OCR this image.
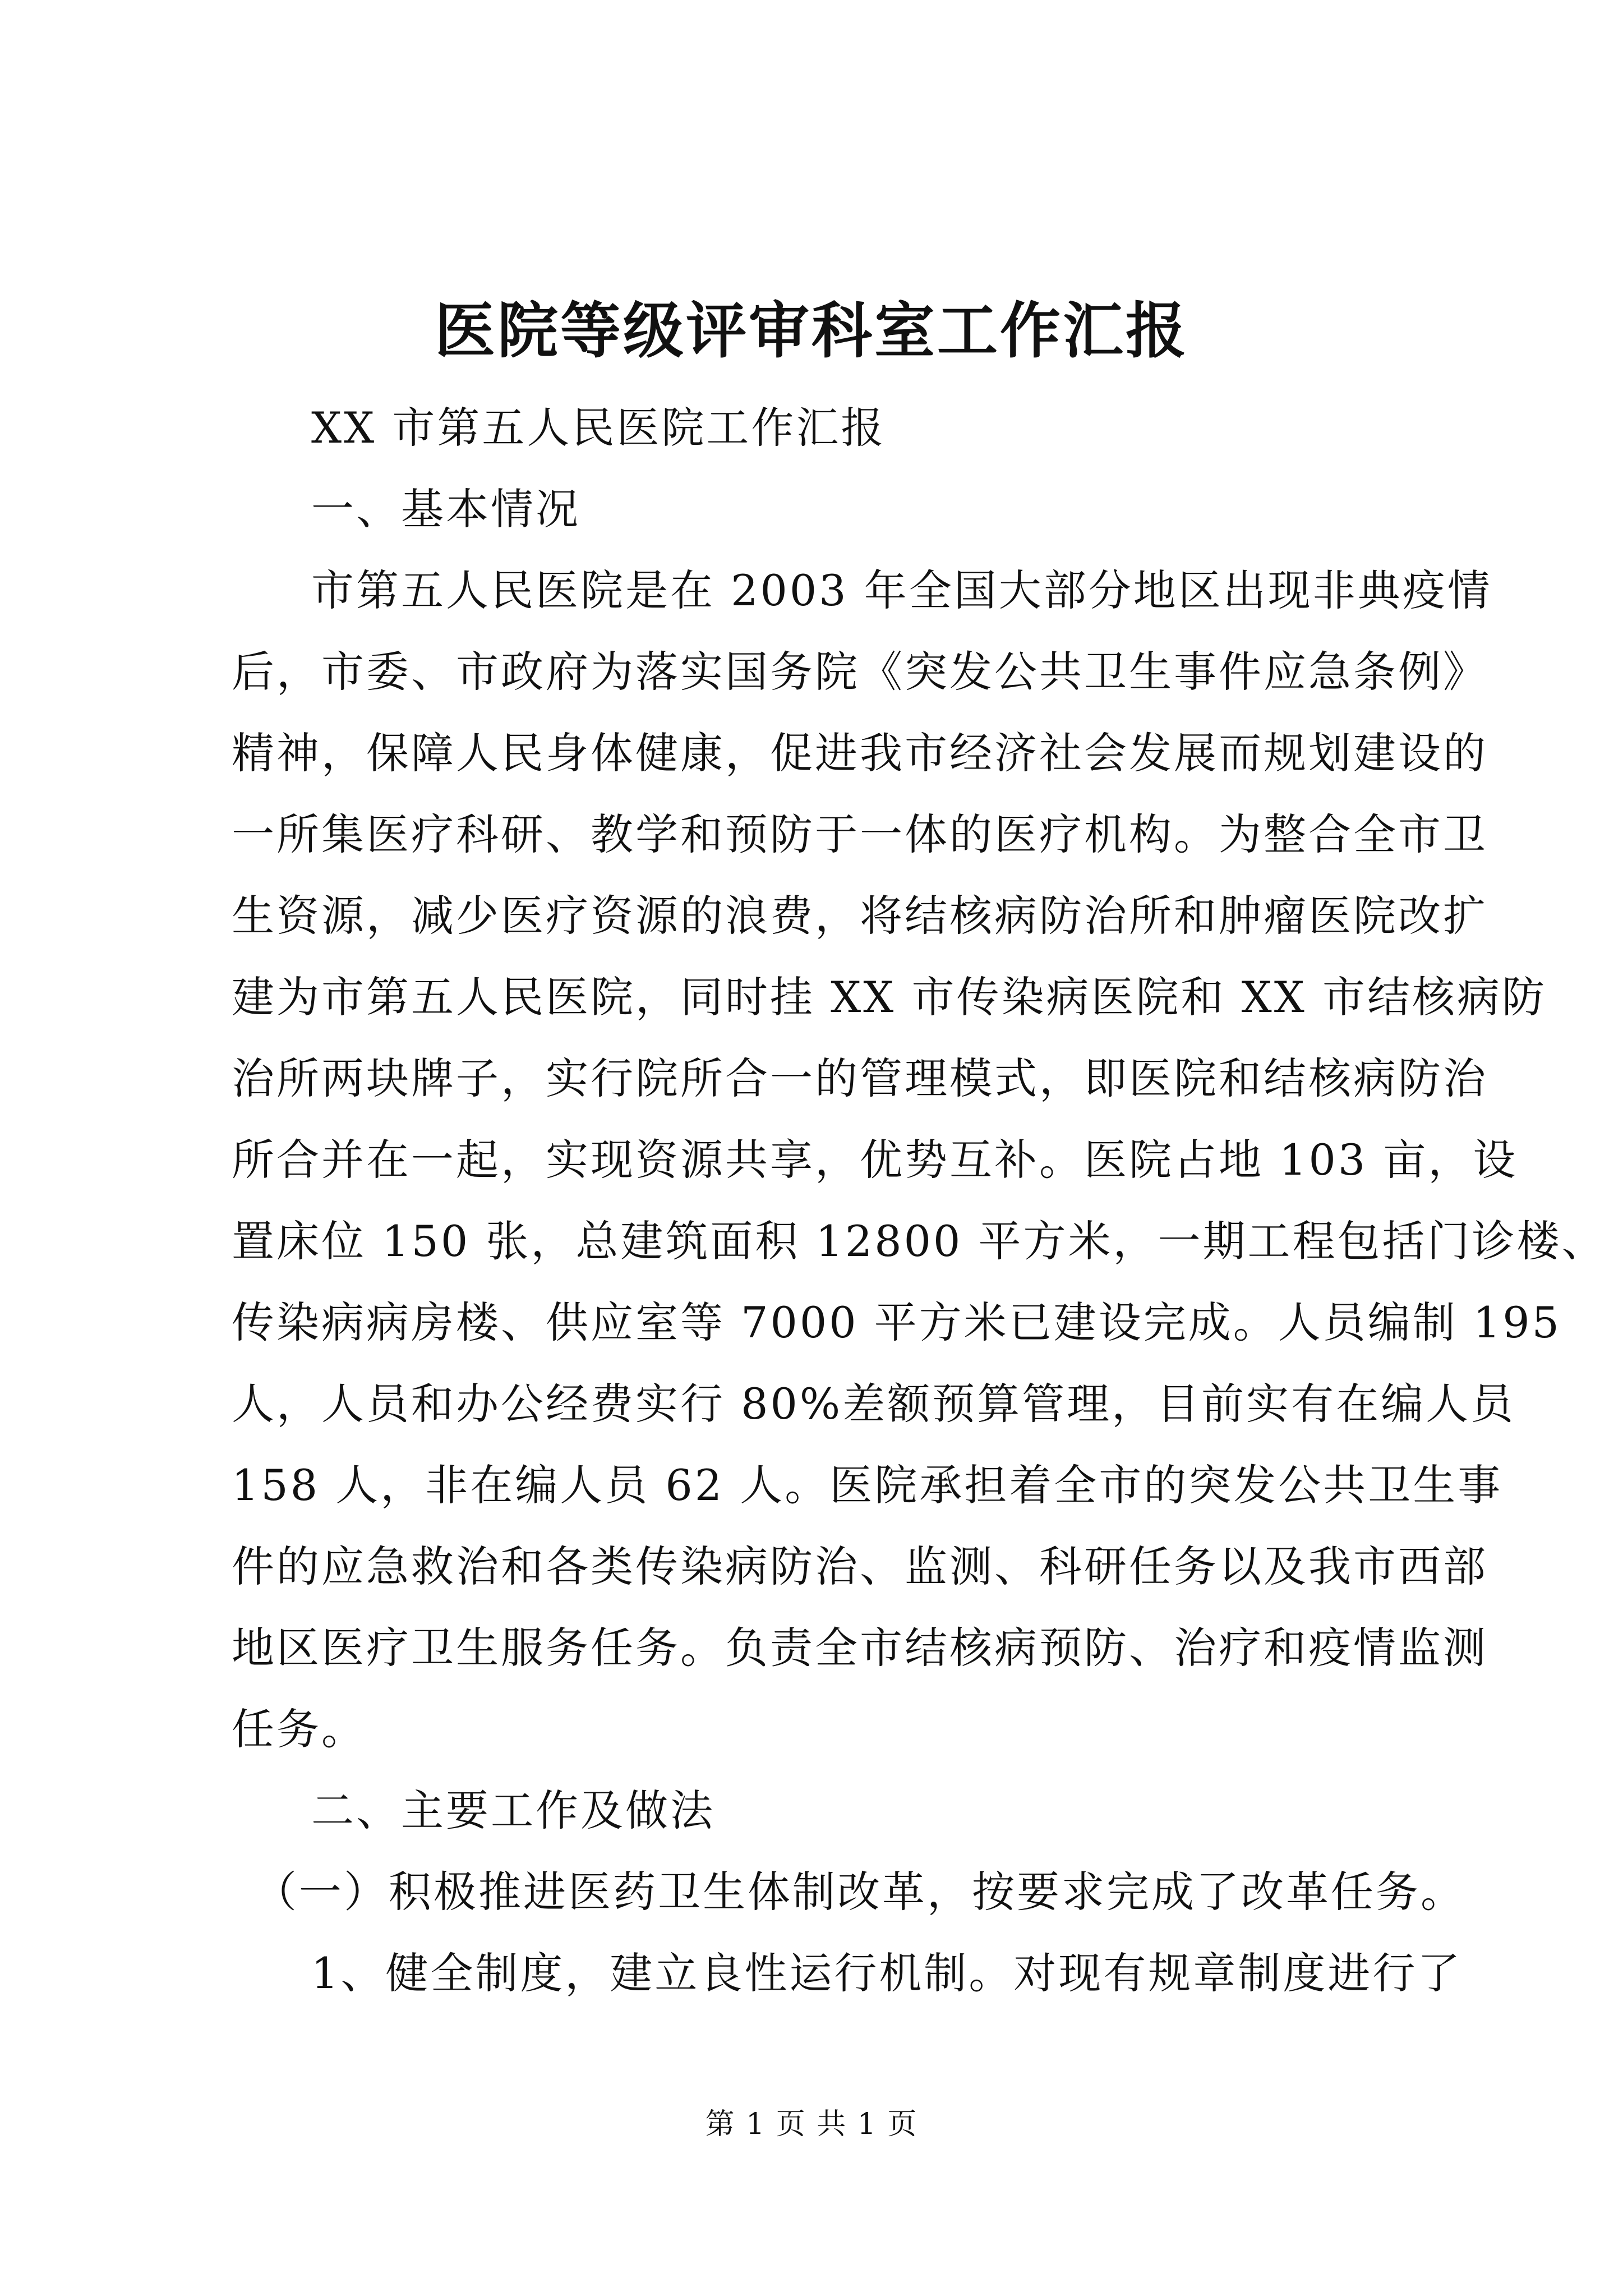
医院等级评审科室工作汇报
XX 市第五人民医院工作汇报
一、基本情况
市第五人民医院是在 2003 年全国大部分地区出现非典疫情
后，市委、市政府为落实国务院《突发公共卫生事件应急条例》
精神，保障人民身体健康，促进我市经济社会发展而规划建设的
一所集医疗科研、教学和预防于一体的医疗机构。为整合全市卫
生资源，减少医疗资源的浪费，将结核病防治所和肿瘤医院改扩
建为市第五人民医院，同时挂 XX 市传染病医院和 XX 市结核病防
治所两块牌子，实行院所合一的管理模式，即医院和结核病防治
所合并在一起，实现资源共享，优势互补。医院占地 103 亩，设
置床位 150 张，总建筑面积 12800 平方米，一期工程包括门诊楼、
传染病病房楼、供应室等 7000 平方米已建设完成。人员编制 195
人，人员和办公经费实行 80%差额预算管理，目前实有在编人员
158 人，非在编人员 62 人。医院承担着全市的突发公共卫生事
件的应急救治和各类传染病防治、监测、科研任务以及我市西部
地区医疗卫生服务任务。负责全市结核病预防、治疗和疫情监测
任务。
二、主要工作及做法
（一）积极推进医药卫生体制改革，按要求完成了改革任务。
1、健全制度，建立良性运行机制。对现有规章制度进行了
第 1 页 共 1 页
